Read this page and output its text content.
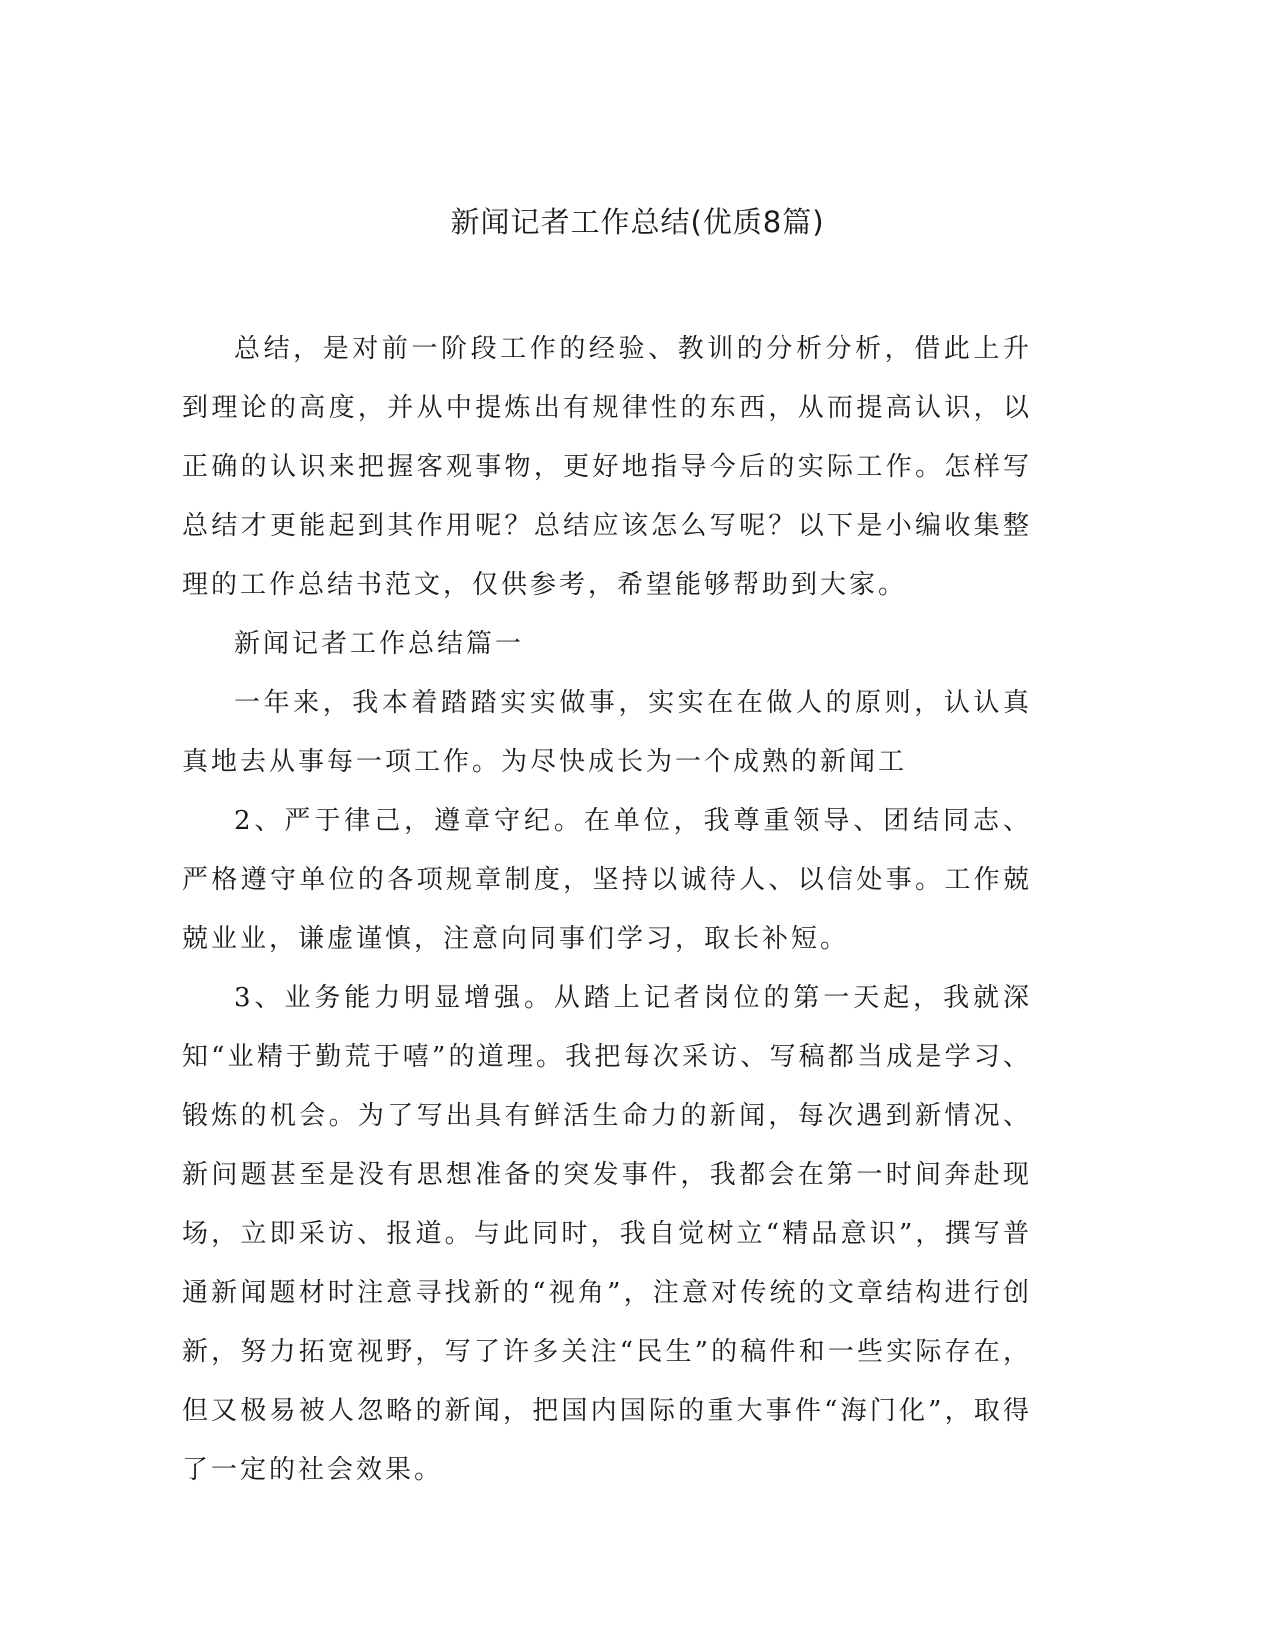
新闻记者工作总结(优质8篇)

总结，是对前一阶段工作的经验、教训的分析分析，借此上升到理论的高度，并从中提炼出有规律性的东西，从而提高认识，以正确的认识来把握客观事物，更好地指导今后的实际工作。怎样写总结才更能起到其作用呢？总结应该怎么写呢？以下是小编收集整理的工作总结书范文，仅供参考，希望能够帮助到大家。

新闻记者工作总结篇一

一年来，我本着踏踏实实做事，实实在在做人的原则，认认真真地去从事每一项工作。为尽快成长为一个成熟的新闻工

2、严于律己，遵章守纪。在单位，我尊重领导、团结同志、严格遵守单位的各项规章制度，坚持以诚待人、以信处事。工作兢兢业业，谦虚谨慎，注意向同事们学习，取长补短。

3、业务能力明显增强。从踏上记者岗位的第一天起，我就深知“业精于勤荒于嘻”的道理。我把每次采访、写稿都当成是学习、锻炼的机会。为了写出具有鲜活生命力的新闻，每次遇到新情况、新问题甚至是没有思想准备的突发事件，我都会在第一时间奔赴现场，立即采访、报道。与此同时，我自觉树立“精品意识”，撰写普通新闻题材时注意寻找新的“视角”，注意对传统的文章结构进行创新，努力拓宽视野，写了许多关注“民生”的稿件和一些实际存在，但又极易被人忽略的新闻，把国内国际的重大事件“海门化”，取得了一定的社会效果。
